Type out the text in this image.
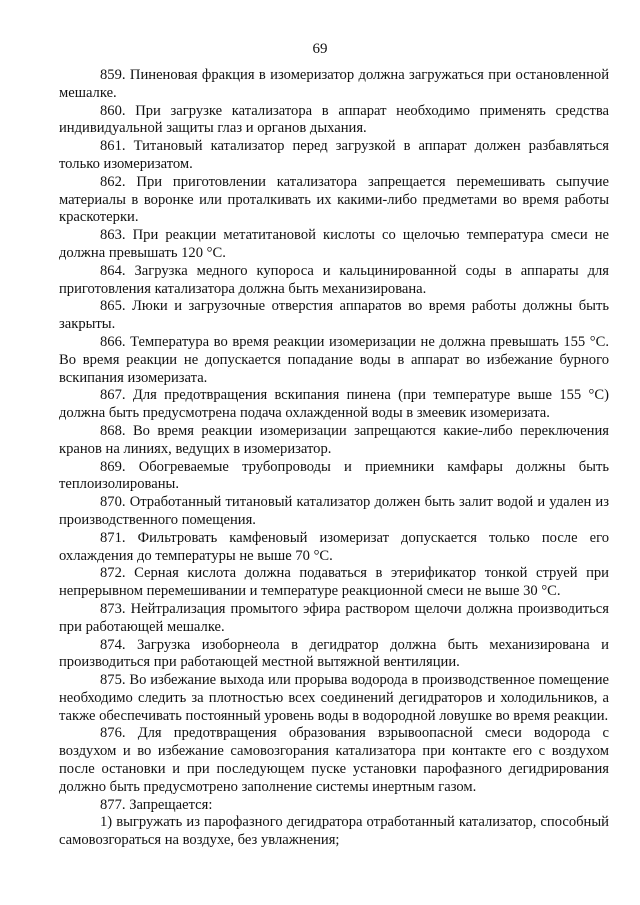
69

859. Пиненовая фракция в изомеризатор должна загружаться при остановленной мешалке.

860. При загрузке катализатора в аппарат необходимо применять средства индивидуальной защиты глаз и органов дыхания.

861. Титановый катализатор перед загрузкой в аппарат должен разбавляться только изомеризатом.

862. При приготовлении катализатора запрещается перемешивать сыпучие материалы в воронке или проталкивать их какими-либо предметами во время работы краскотерки.

863. При реакции метатитановой кислоты со щелочью температура смеси не должна превышать 120 °С.

864. Загрузка медного купороса и кальцинированной соды в аппараты для приготовления катализатора должна быть механизирована.

865. Люки и загрузочные отверстия аппаратов во время работы должны быть закрыты.

866. Температура во время реакции изомеризации не должна превышать 155 °С. Во время реакции не допускается попадание воды в аппарат во избежание бурного вскипания изомеризата.

867. Для предотвращения вскипания пинена (при температуре выше 155 °С) должна быть предусмотрена подача охлажденной воды в змеевик изомеризата.

868. Во время реакции изомеризации запрещаются какие-либо переключения кранов на линиях, ведущих в изомеризатор.

869. Обогреваемые трубопроводы и приемники камфары должны быть теплоизолированы.

870. Отработанный титановый катализатор должен быть залит водой и удален из производственного помещения.

871. Фильтровать камфеновый изомеризат допускается только после его охлаждения до температуры не выше 70 °С.

872. Серная кислота должна подаваться в этерификатор тонкой струей при непрерывном перемешивании и температуре реакционной смеси не выше 30 °С.

873. Нейтрализация промытого эфира раствором щелочи должна производиться при работающей мешалке.

874. Загрузка изоборнеола в дегидратор должна быть механизирована и производиться при работающей местной вытяжной вентиляции.

875. Во избежание выхода или прорыва водорода в производственное помещение необходимо следить за плотностью всех соединений дегидраторов и холодильников, а также обеспечивать постоянный уровень воды в водородной ловушке во время реакции.

876. Для предотвращения образования взрывоопасной смеси водорода с воздухом и во избежание самовозгорания катализатора при контакте его с воздухом после остановки и при последующем пуске установки парофазного дегидрирования должно быть предусмотрено заполнение системы инертным газом.

877. Запрещается:

1) выгружать из парофазного дегидратора отработанный катализатор, способный самовозгораться на воздухе, без увлажнения;
